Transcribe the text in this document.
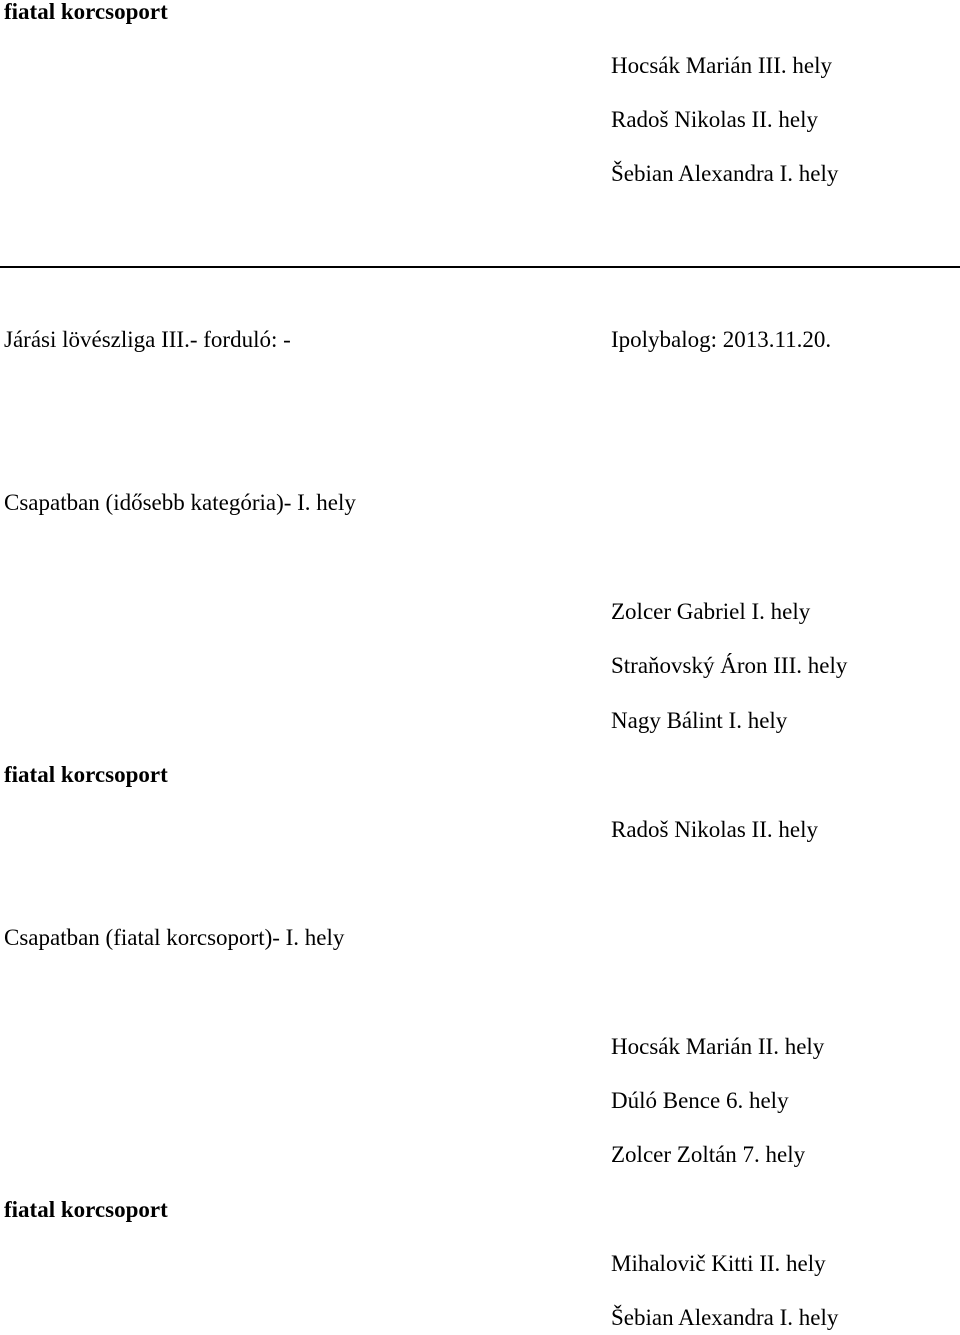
fiatal korcsoport
Hocsák Marián III. hely
Radoš Nikolas II. hely
Šebian Alexandra I. hely
Járási lövészliga III.- forduló: -	Ipolybalog: 2013.11.20.
Csapatban (idősebb kategória)- I. hely
Zolcer Gabriel I. hely
Straňovský Áron III. hely
Nagy Bálint I. hely
fiatal korcsoport
Radoš Nikolas II. hely
Csapatban (fiatal korcsoport)- I. hely
Hocsák Marián II. hely
Dúló Bence 6. hely
Zolcer Zoltán 7. hely
fiatal korcsoport
Mihalovič Kitti II. hely
Šebian Alexandra I. hely
